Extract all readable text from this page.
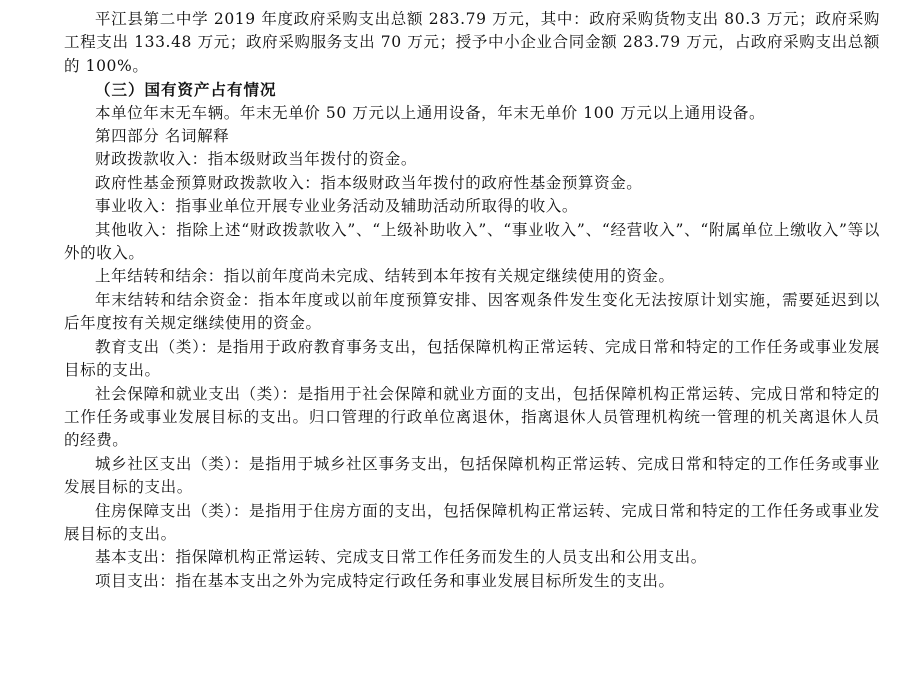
平江县第二中学 2019 年度政府采购支出总额 283.79 万元，其中：政府采购货物支出 80.3 万元；政府采购工程支出 133.48 万元；政府采购服务支出 70 万元；授予中小企业合同金额 283.79 万元，占政府采购支出总额的 100%。

（三）国有资产占有情况

本单位年末无车辆。年末无单价 50 万元以上通用设备，年末无单价 100 万元以上通用设备。

第四部分 名词解释

财政拨款收入：指本级财政当年拨付的资金。

政府性基金预算财政拨款收入：指本级财政当年拨付的政府性基金预算资金。

事业收入：指事业单位开展专业业务活动及辅助活动所取得的收入。

其他收入：指除上述“财政拨款收入”、“上级补助收入”、“事业收入”、“经营收入”、“附属单位上缴收入”等以外的收入。

上年结转和结余：指以前年度尚未完成、结转到本年按有关规定继续使用的资金。

年末结转和结余资金：指本年度或以前年度预算安排、因客观条件发生变化无法按原计划实施，需要延迟到以后年度按有关规定继续使用的资金。

教育支出（类）：是指用于政府教育事务支出，包括保障机构正常运转、完成日常和特定的工作任务或事业发展目标的支出。

社会保障和就业支出（类）：是指用于社会保障和就业方面的支出，包括保障机构正常运转、完成日常和特定的工作任务或事业发展目标的支出。归口管理的行政单位离退休，指离退休人员管理机构统一管理的机关离退休人员的经费。

城乡社区支出（类）：是指用于城乡社区事务支出，包括保障机构正常运转、完成日常和特定的工作任务或事业发展目标的支出。

住房保障支出（类）：是指用于住房方面的支出，包括保障机构正常运转、完成日常和特定的工作任务或事业发展目标的支出。

基本支出：指保障机构正常运转、完成支日常工作任务而发生的人员支出和公用支出。

项目支出：指在基本支出之外为完成特定行政任务和事业发展目标所发生的支出。
